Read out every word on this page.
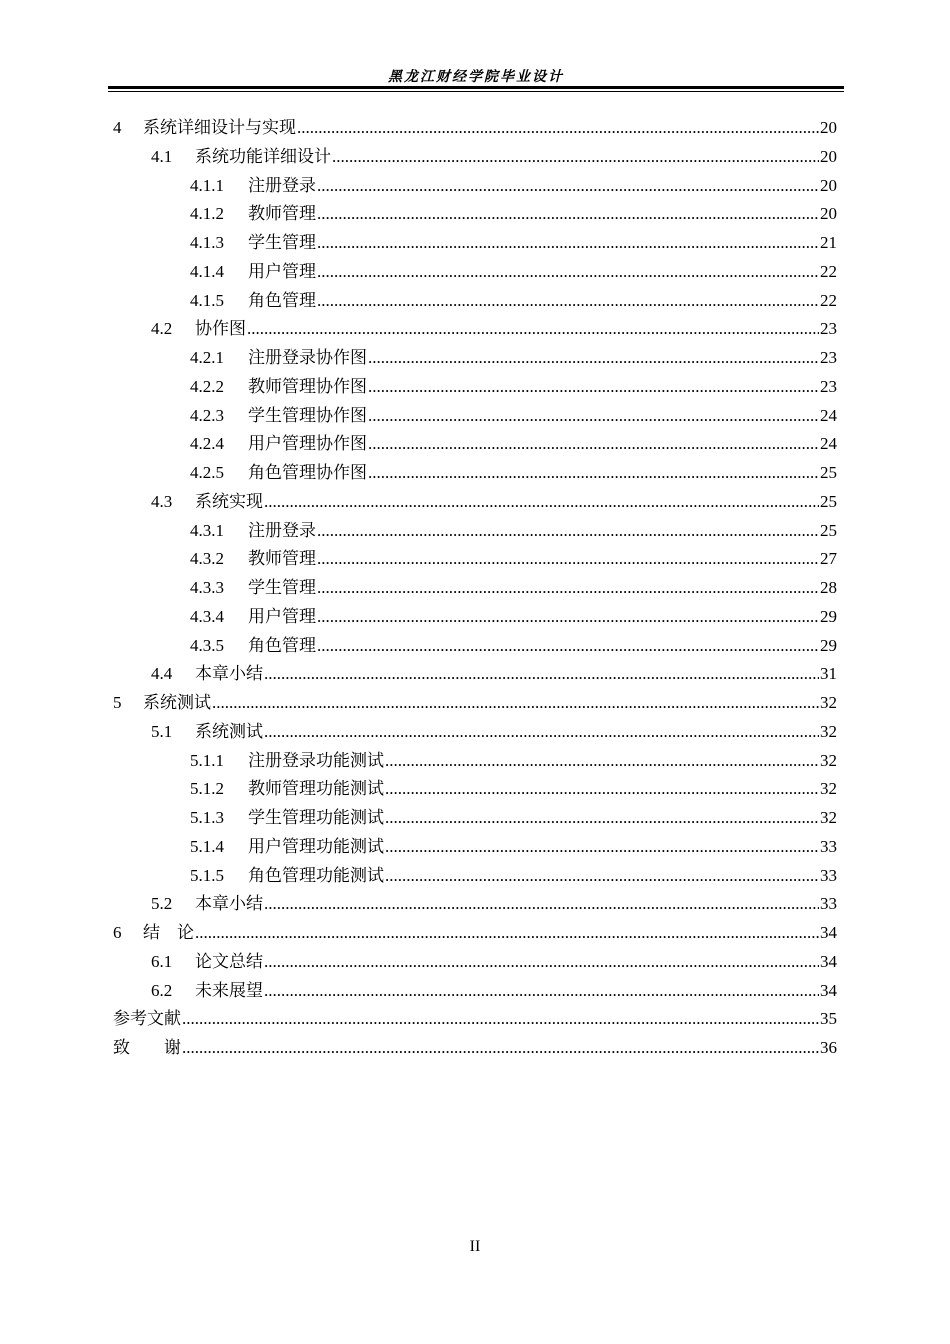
黑龙江财经学院毕业设计
4	系统详细设计与实现 .....	20
4.1	系统功能详细设计 .....	20
4.1.1	注册登录 .....	20
4.1.2	教师管理 .....	20
4.1.3	学生管理 .....	21
4.1.4	用户管理 .....	22
4.1.5	角色管理 .....	22
4.2	协作图 .....	23
4.2.1	注册登录协作图 .....	23
4.2.2	教师管理协作图 .....	23
4.2.3	学生管理协作图 .....	24
4.2.4	用户管理协作图 .....	24
4.2.5	角色管理协作图 .....	25
4.3	系统实现 .....	25
4.3.1	注册登录 .....	25
4.3.2	教师管理 .....	27
4.3.3	学生管理 .....	28
4.3.4	用户管理 .....	29
4.3.5	角色管理 .....	29
4.4	本章小结 .....	31
5	系统测试 .....	32
5.1	系统测试 .....	32
5.1.1	注册登录功能测试 .....	32
5.1.2	教师管理功能测试 .....	32
5.1.3	学生管理功能测试 .....	32
5.1.4	用户管理功能测试 .....	33
5.1.5	角色管理功能测试 .....	33
5.2	本章小结 .....	33
6	结　论 .....	34
6.1	论文总结 .....	34
6.2	未来展望 .....	34
参考文献 .....	35
致　　谢 .....	36
II
